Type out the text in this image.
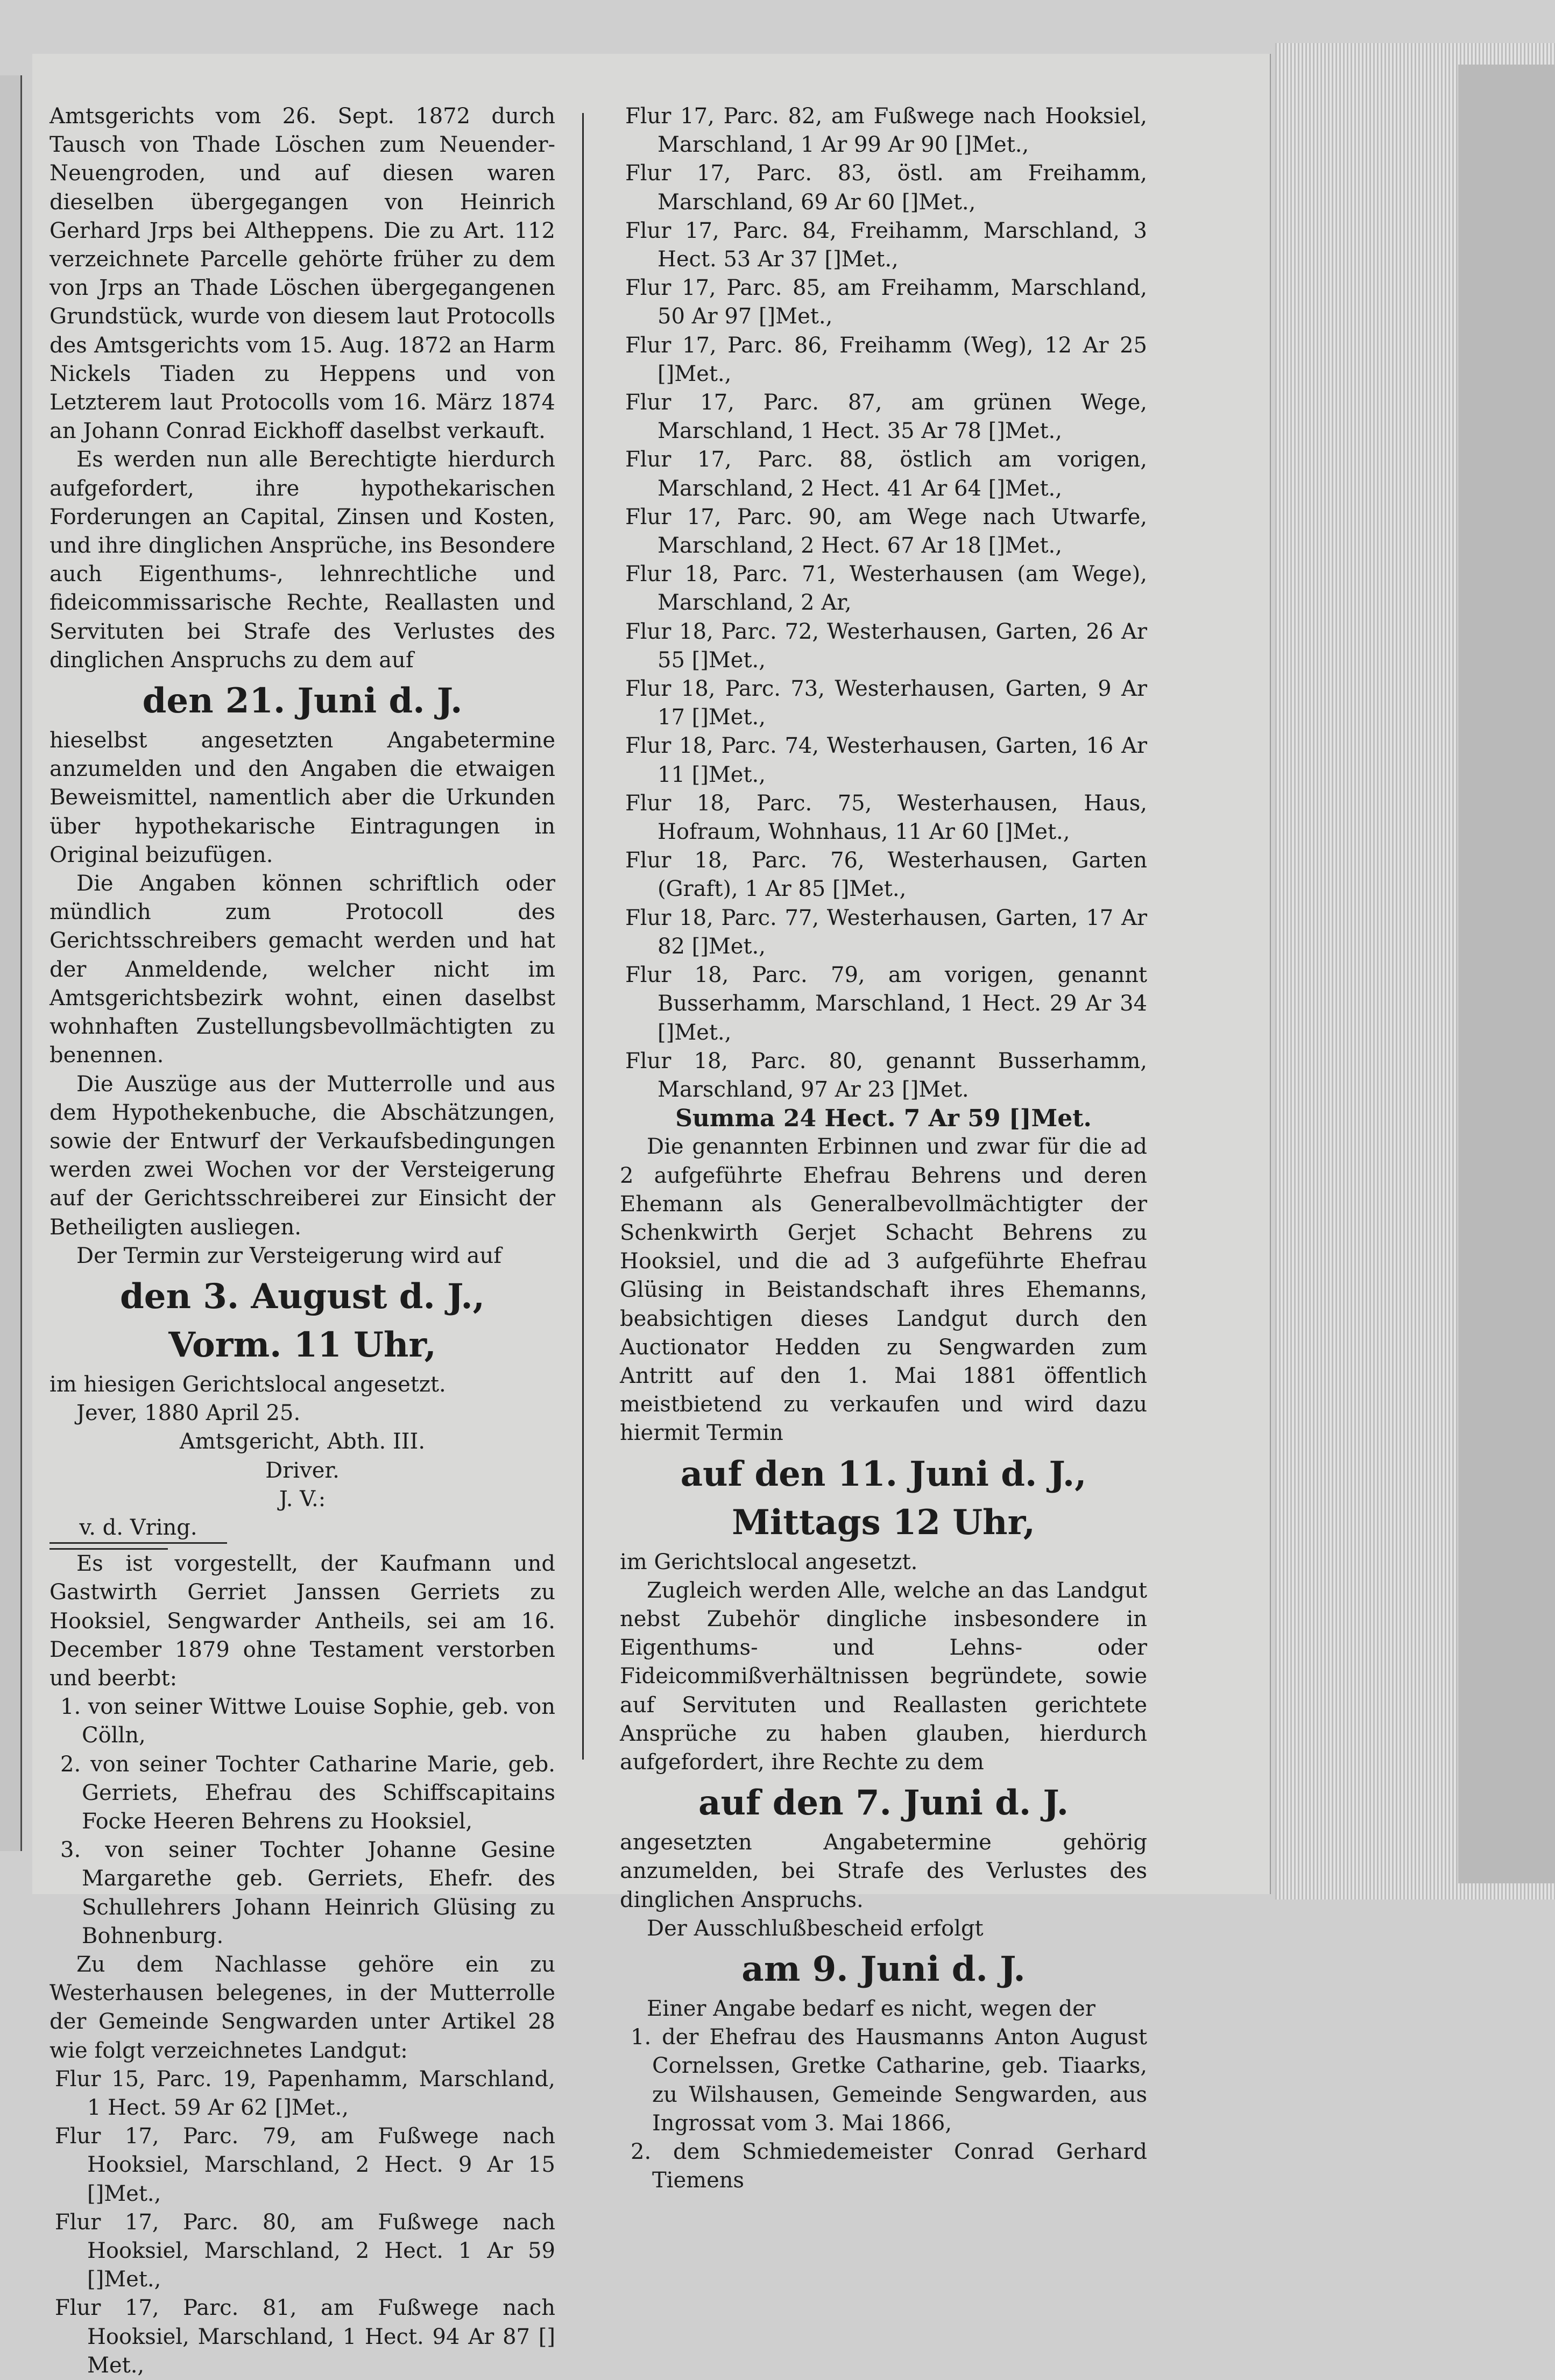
Amtsgerichts vom 26. Sept. 1872 durch Tausch von Thade Löschen zum Neuender-Neuengroden, und auf diesen waren dieselben übergegangen von Heinrich Gerhard Jrps bei Altheppens. Die zu Art. 112 verzeichnete Parcelle gehörte früher zu dem von Jrps an Thade Löschen übergegangenen Grundstück, wurde von diesem laut Protocolls des Amtsgerichts vom 15. Aug. 1872 an Harm Nickels Tiaden zu Heppens und von Letzterem laut Protocolls vom 16. März 1874 an Johann Conrad Eickhoff daselbst verkauft.

Es werden nun alle Berechtigte hierdurch aufgefordert, ihre hypothekarischen Forderungen an Capital, Zinsen und Kosten, und ihre dinglichen Ansprüche, ins Besondere auch Eigenthums-, lehnrechtliche und fideicommissarische Rechte, Reallasten und Servituten bei Strafe des Verlustes des dinglichen Anspruchs zu dem auf

den 21. Juni d. J.

hieselbst angesetzten Angabetermine anzumelden und den Angaben die etwaigen Beweismittel, namentlich aber die Urkunden über hypothekarische Eintragungen in Original beizufügen.

Die Angaben können schriftlich oder mündlich zum Protocoll des Gerichtsschreibers gemacht werden und hat der Anmeldende, welcher nicht im Amtsgerichtsbezirk wohnt, einen daselbst wohnhaften Zustellungsbevollmächtigten zu benennen.

Die Auszüge aus der Mutterrolle und aus dem Hypothekenbuche, die Abschätzungen, sowie der Entwurf der Verkaufsbedingungen werden zwei Wochen vor der Versteigerung auf der Gerichtsschreiberei zur Einsicht der Betheiligten ausliegen.

Der Termin zur Versteigerung wird auf

den 3. August d. J.,

Vorm. 11 Uhr,

im hiesigen Gerichtslocal angesetzt.

Jever, 1880 April 25.

Amtsgericht, Abth. III.

Driver.

J. V.:

v. d. Vring.

Es ist vorgestellt, der Kaufmann und Gastwirth Gerriet Janssen Gerriets zu Hooksiel, Sengwarder Antheils, sei am 16. December 1879 ohne Testament verstorben und beerbt:

1. von seiner Wittwe Louise Sophie, geb. von Cölln,

2. von seiner Tochter Catharine Marie, geb. Gerriets, Ehefrau des Schiffscapitains Focke Heeren Behrens zu Hooksiel,

3. von seiner Tochter Johanne Gesine Margarethe geb. Gerriets, Ehefr. des Schullehrers Johann Heinrich Glüsing zu Bohnenburg.

Zu dem Nachlasse gehöre ein zu Westerhausen belegenes, in der Mutterrolle der Gemeinde Sengwarden unter Artikel 28 wie folgt verzeichnetes Landgut:

Flur 15, Parc. 19, Papenhamm, Marschland, 1 Hect. 59 Ar 62 []Met.,

Flur 17, Parc. 79, am Fußwege nach Hooksiel, Marschland, 2 Hect. 9 Ar 15 []Met.,

Flur 17, Parc. 80, am Fußwege nach Hooksiel, Marschland, 2 Hect. 1 Ar 59 []Met.,

Flur 17, Parc. 81, am Fußwege nach Hooksiel, Marschland, 1 Hect. 94 Ar 87 [] Met.,

Flur 17, Parc. 82, am Fußwege nach Hooksiel, Marschland, 1 Ar 99 Ar 90 []Met.,

Flur 17, Parc. 83, östl. am Freihamm, Marschland, 69 Ar 60 []Met.,

Flur 17, Parc. 84, Freihamm, Marschland, 3 Hect. 53 Ar 37 []Met.,

Flur 17, Parc. 85, am Freihamm, Marschland, 50 Ar 97 []Met.,

Flur 17, Parc. 86, Freihamm (Weg), 12 Ar 25 []Met.,

Flur 17, Parc. 87, am grünen Wege, Marschland, 1 Hect. 35 Ar 78 []Met.,

Flur 17, Parc. 88, östlich am vorigen, Marschland, 2 Hect. 41 Ar 64 []Met.,

Flur 17, Parc. 90, am Wege nach Utwarfe, Marschland, 2 Hect. 67 Ar 18 []Met.,

Flur 18, Parc. 71, Westerhausen (am Wege), Marschland, 2 Ar,

Flur 18, Parc. 72, Westerhausen, Garten, 26 Ar 55 []Met.,

Flur 18, Parc. 73, Westerhausen, Garten, 9 Ar 17 []Met.,

Flur 18, Parc. 74, Westerhausen, Garten, 16 Ar 11 []Met.,

Flur 18, Parc. 75, Westerhausen, Haus, Hofraum, Wohnhaus, 11 Ar 60 []Met.,

Flur 18, Parc. 76, Westerhausen, Garten (Graft), 1 Ar 85 []Met.,

Flur 18, Parc. 77, Westerhausen, Garten, 17 Ar 82 []Met.,

Flur 18, Parc. 79, am vorigen, genannt Busserhamm, Marschland, 1 Hect. 29 Ar 34 []Met.,

Flur 18, Parc. 80, genannt Busserhamm, Marschland, 97 Ar 23 []Met.

Summa 24 Hect. 7 Ar 59 []Met.

Die genannten Erbinnen und zwar für die ad 2 aufgeführte Ehefrau Behrens und deren Ehemann als Generalbevollmächtigter der Schenkwirth Gerjet Schacht Behrens zu Hooksiel, und die ad 3 aufgeführte Ehefrau Glüsing in Beistandschaft ihres Ehemanns, beabsichtigen dieses Landgut durch den Auctionator Hedden zu Sengwarden zum Antritt auf den 1. Mai 1881 öffentlich meistbietend zu verkaufen und wird dazu hiermit Termin

auf den 11. Juni d. J.,

Mittags 12 Uhr,

im Gerichtslocal angesetzt.

Zugleich werden Alle, welche an das Landgut nebst Zubehör dingliche insbesondere in Eigenthums- und Lehns- oder Fideicommißverhältnissen begründete, sowie auf Servituten und Reallasten gerichtete Ansprüche zu haben glauben, hierdurch aufgefordert, ihre Rechte zu dem

auf den 7. Juni d. J.

angesetzten Angabetermine gehörig anzumelden, bei Strafe des Verlustes des dinglichen Anspruchs.

Der Ausschlußbescheid erfolgt

am 9. Juni d. J.

Einer Angabe bedarf es nicht, wegen der

1. der Ehefrau des Hausmanns Anton August Cornelssen, Gretke Catharine, geb. Tiaarks, zu Wilshausen, Gemeinde Sengwarden, aus Ingrossat vom 3. Mai 1866,

2. dem Schmiedemeister Conrad Gerhard Tiemens
